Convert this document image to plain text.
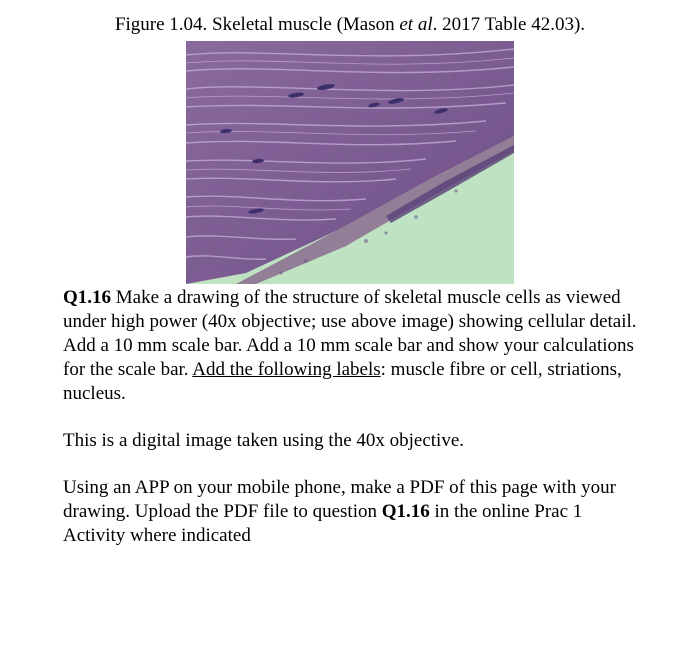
Figure 1.04. Skeletal muscle (Mason et al. 2017 Table 42.03).

Q1.16 Make a drawing of the structure of skeletal muscle cells as viewed under high power (40x objective; use above image) showing cellular detail. Add a 10 mm scale bar. Add a 10 mm scale bar and show your calculations for the scale bar. Add the following labels: muscle fibre or cell, striations, nucleus.

This is a digital image taken using the 40x objective.

Using an APP on your mobile phone, make a PDF of this page with your drawing. Upload the PDF file to question Q1.16 in the online Prac 1 Activity where indicated
